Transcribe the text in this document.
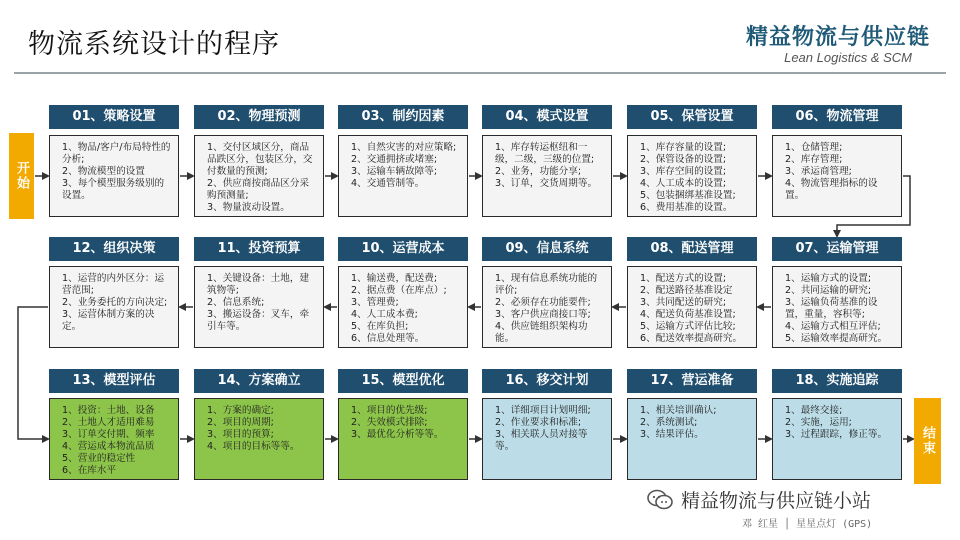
物流系统设计的程序	精益物流与供应链
Lean Logistics & SCM
开始
结束
01、策略设置
1、物品/客户/布局特性的分析;
2、物流模型的设置
3、每个模型服务级别的设置。
02、物理预测
1、交付区域区分，商品品跌区分，包装区分，交付数量的预测;
2、供应商按商品区分采购预测量;
3、物量波动设置。
03、制约因素
1、自然灾害的对应策略;
2、交通拥挤或堵塞;
3、运输车辆故障等;
4、交通管制等。
04、模式设置
1、库存转运枢纽和一级，二级，三级的位置;
2、业务，功能分享;
3、订单，交货周期等。
05、保管设置
1、库存容量的设置;
2、保管设备的设置;
3、库存空间的设置;
4、人工成本的设置;
5、包装捆绑基准设置;
6、费用基准的设置。
06、物流管理
1、仓储管理;
2、库存管理;
3、承运商管理;
4、物流管理指标的设置。
07、运输管理
1、运输方式的设置;
2、共同运输的研究;
3、运输负荷基准的设置，重量，容积等;
4、运输方式相互评估;
5、运输效率提高研究。
08、配送管理
1、配送方式的设置;
2、配送路径基准设定
3、共同配送的研究;
4、配送负荷基准设置;
5、运输方式评估比较;
6、配送效率提高研究。
09、信息系统
1、现有信息系统功能的评价;
2、必须存在功能要件;
3、客户供应商接口等;
4、供应链组织架构功能。
10、运营成本
1、输送费，配送费;
2、据点费（在库点）;
3、管理费;
4、人工成本费;
5、在库负担;
6、信息处理等。
11、投资预算
1、关键设备：土地，建筑物等;
2、信息系统;
3、搬运设备：叉车，牵引车等。
12、组织决策
1、运营的内外区分：运营范围;
2、业务委托的方向决定;
3、运营体制方案的决定。
13、模型评估
1、投资：土地、设备
2、土地人才适用难易
3、订单交付期、频率
4、营运成本物流品质
5、营业的稳定性
6、在库水平
14、方案确立
1、方案的确定;
2、项目的周期;
3、项目的预算;
4、项目的目标等等。
15、模型优化
1、项目的优先级;
2、失效模式排除;
3、最优化分析等等。
16、移交计划
1、详细项目计划明细;
2、作业要求和标准;
3、相关联人员对接等等。
17、营运准备
1、相关培训确认;
2、系统测试;
3、结果评估。
18、实施追踪
1、最终交接;
2、实施，运用;
3、过程跟踪，修正等。
精益物流与供应链小站
邓 红星 │ 星星点灯 (GPS)
